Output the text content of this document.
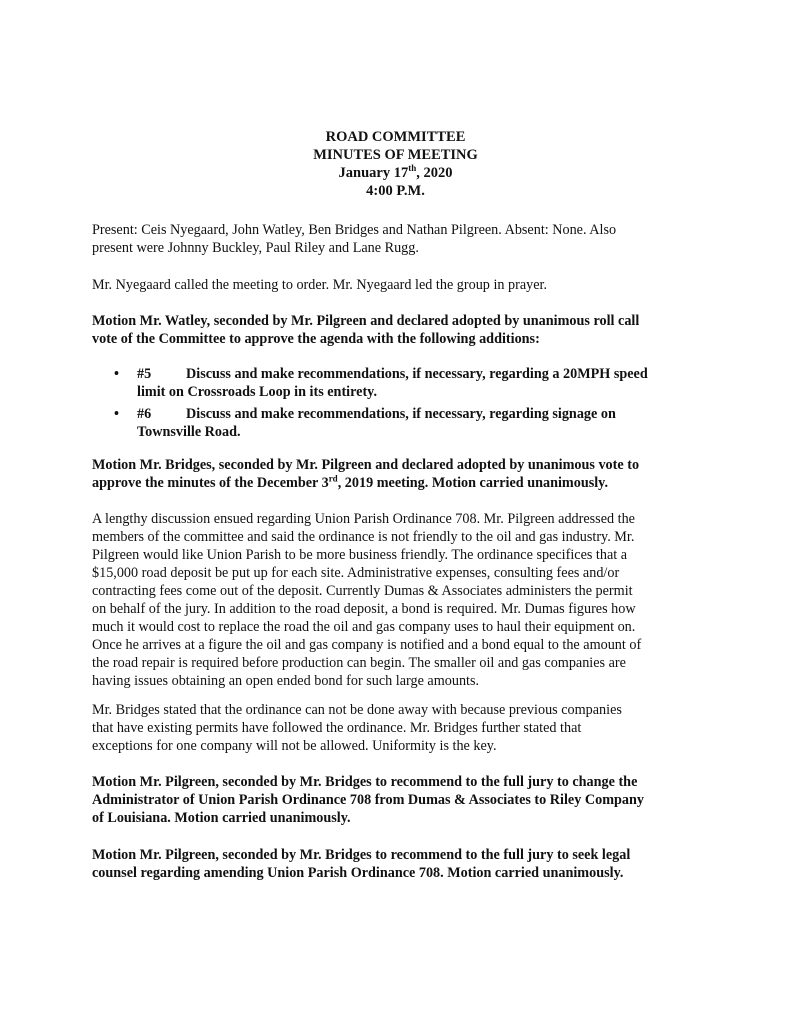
ROAD COMMITTEE
MINUTES OF MEETING
January 17th, 2020
4:00 P.M.
Present: Ceis Nyegaard, John Watley, Ben Bridges and Nathan Pilgreen. Absent: None. Also
present were Johnny Buckley, Paul Riley and Lane Rugg.
Mr. Nyegaard called the meeting to order. Mr. Nyegaard led the group in prayer.
Motion Mr. Watley, seconded by Mr. Pilgreen and declared adopted by unanimous roll call
vote of the Committee to approve the agenda with the following additions:
• #5 Discuss and make recommendations, if necessary, regarding a 20MPH speed
limit on Crossroads Loop in its entirety.
• #6 Discuss and make recommendations, if necessary, regarding signage on
Townsville Road.
Motion Mr. Bridges, seconded by Mr. Pilgreen and declared adopted by unanimous vote to
approve the minutes of the December 3rd, 2019 meeting. Motion carried unanimously.
A lengthy discussion ensued regarding Union Parish Ordinance 708. Mr. Pilgreen addressed the
members of the committee and said the ordinance is not friendly to the oil and gas industry. Mr.
Pilgreen would like Union Parish to be more business friendly. The ordinance specifices that a
$15,000 road deposit be put up for each site. Administrative expenses, consulting fees and/or
contracting fees come out of the deposit. Currently Dumas & Associates administers the permit
on behalf of the jury. In addition to the road deposit, a bond is required. Mr. Dumas figures how
much it would cost to replace the road the oil and gas company uses to haul their equipment on.
Once he arrives at a figure the oil and gas company is notified and a bond equal to the amount of
the road repair is required before production can begin. The smaller oil and gas companies are
having issues obtaining an open ended bond for such large amounts.
Mr. Bridges stated that the ordinance can not be done away with because previous companies
that have existing permits have followed the ordinance. Mr. Bridges further stated that
exceptions for one company will not be allowed. Uniformity is the key.
Motion Mr. Pilgreen, seconded by Mr. Bridges to recommend to the full jury to change the
Administrator of Union Parish Ordinance 708 from Dumas & Associates to Riley Company
of Louisiana. Motion carried unanimously.
Motion Mr. Pilgreen, seconded by Mr. Bridges to recommend to the full jury to seek legal
counsel regarding amending Union Parish Ordinance 708. Motion carried unanimously.
